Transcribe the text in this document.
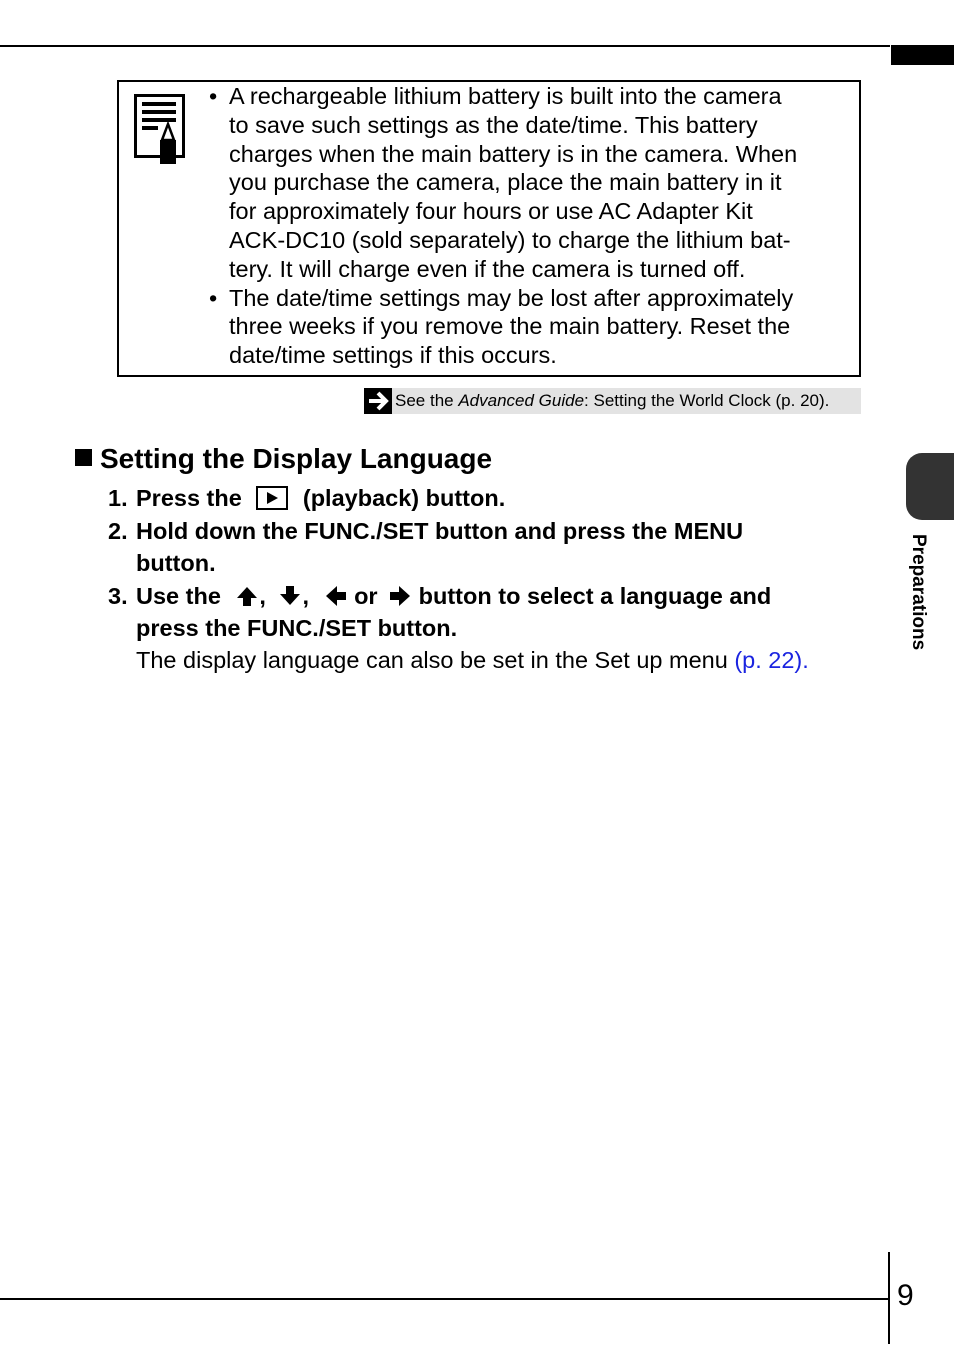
• A rechargeable lithium battery is built into the camera
to save such settings as the date/time. This battery
charges when the main battery is in the camera. When
you purchase the camera, place the main battery in it
for approximately four hours or use AC Adapter Kit
ACK-DC10 (sold separately) to charge the lithium bat-
tery. It will charge even if the camera is turned off.
• The date/time settings may be lost after approximately
three weeks if you remove the main battery. Reset the
date/time settings if this occurs.
See the Advanced Guide: Setting the World Clock (p. 20).
Setting the Display Language
1. Press the	(playback) button.
2. Hold down the FUNC./SET button and press the MENU
button.
3. Use the , , or button to select a language and
press the FUNC./SET button.
The display language can also be set in the Set up menu (p. 22).
Preparations
9
